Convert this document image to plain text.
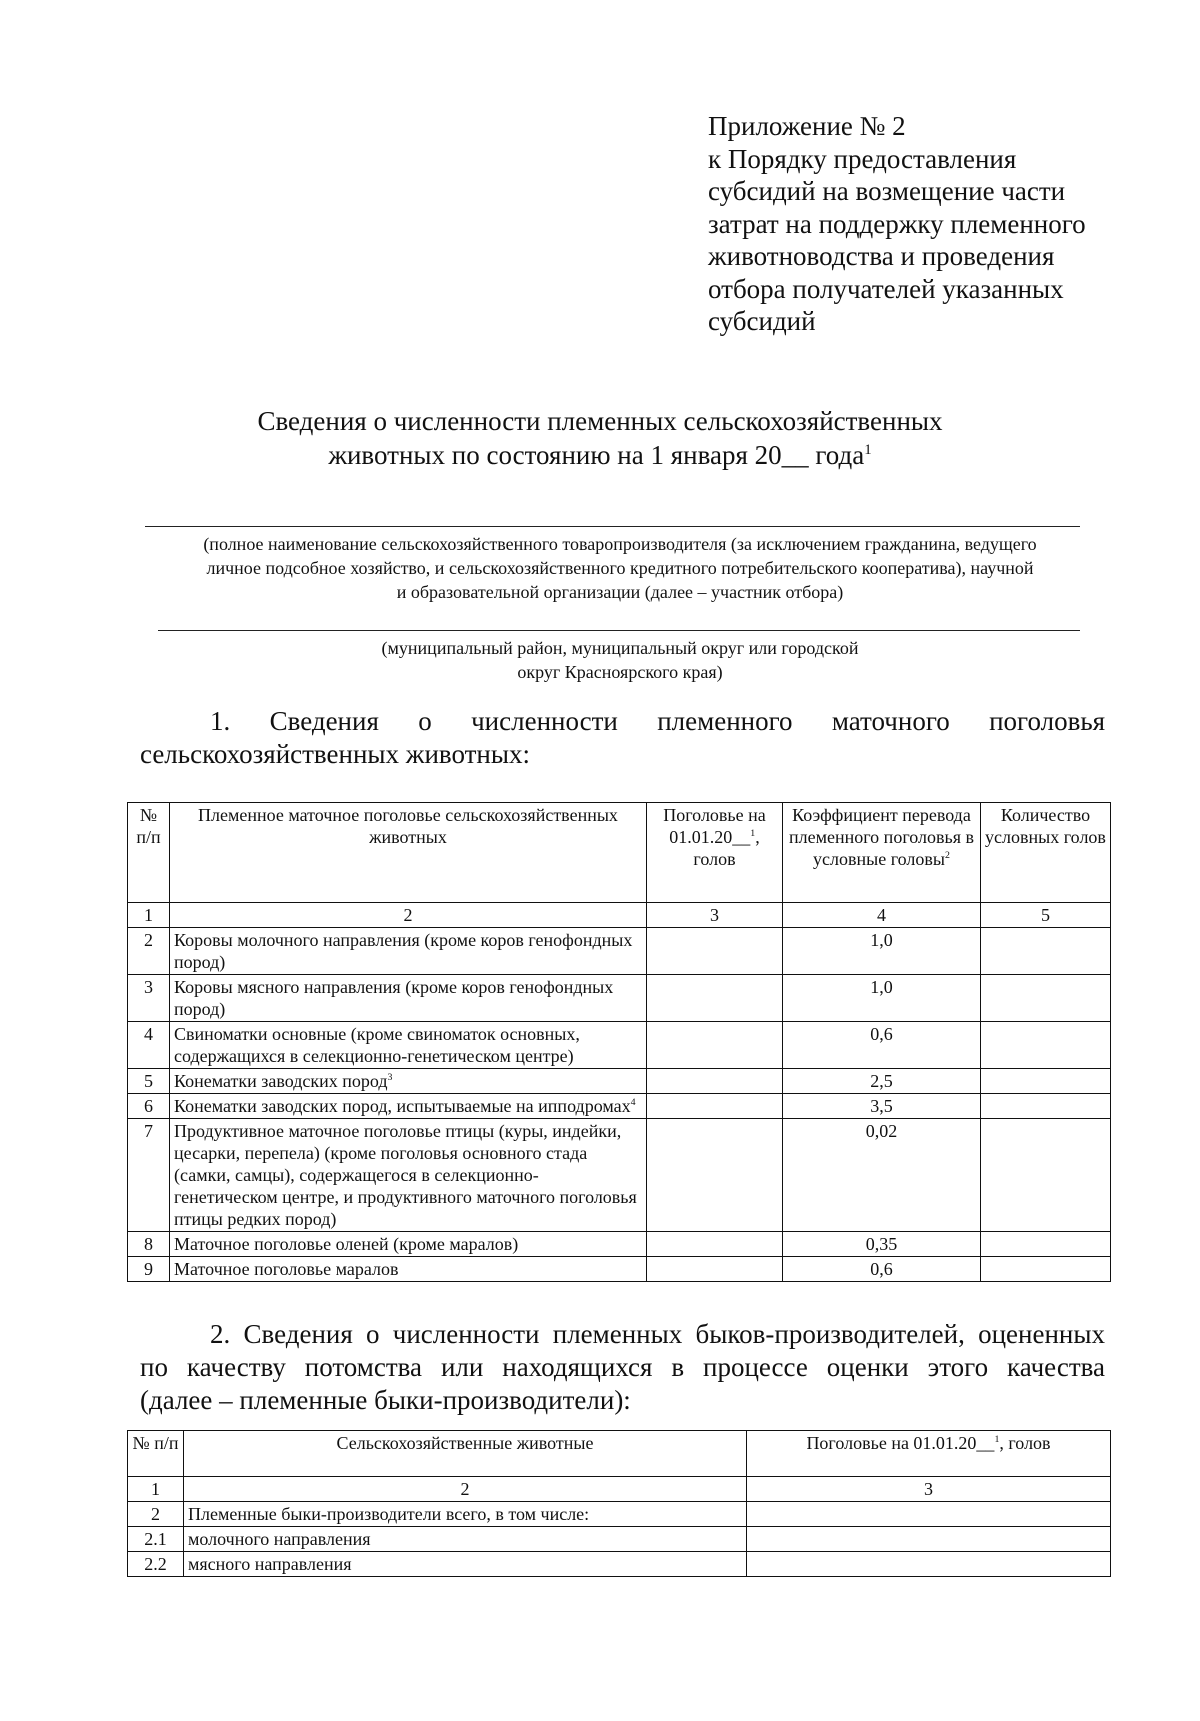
Приложение № 2
к Порядку предоставления
субсидий на возмещение части
затрат на поддержку племенного
животноводства и проведения
отбора получателей указанных
субсидий
Сведения о численности племенных сельскохозяйственных
животных по состоянию на 1 января 20__ года$^1$
(полное наименование сельскохозяйственного товаропроизводителя (за исключением гражданина, ведущего
личное подсобное хозяйство, и сельскохозяйственного кредитного потребительского кооператива), научной
и образовательной организации (далее – участник отбора)
(муниципальный район, муниципальный округ или городской
округ Красноярского края)
1. Сведения о численности племенного маточного поголовья
сельскохозяйственных животных:
№ п/п	Племенное маточное поголовье сельскохозяйственных животных	Поголовье на 01.01.20__$^1$, голов	Коэффициент перевода племенного поголовья в условные головы$^2$	Количество условных голов
1	2	3	4	5
2	Коровы молочного направления (кроме коров генофондных пород)		1,0	
3	Коровы мясного направления (кроме коров генофондных пород)		1,0	
4	Свиноматки основные (кроме свиноматок основных, содержащихся в селекционно-генетическом центре)		0,6	
5	Конематки заводских пород$^3$		2,5	
6	Конематки заводских пород, испытываемые на ипподромах$^4$		3,5	
7	Продуктивное маточное поголовье птицы (куры, индейки, цесарки, перепела) (кроме поголовья основного стада (самки, самцы), содержащегося в селекционно-генетическом центре, и продуктивного маточного поголовья птицы редких пород)		0,02	
8	Маточное поголовье оленей (кроме маралов)		0,35	
9	Маточное поголовье маралов		0,6	
2. Сведения о численности племенных быков-производителей, оцененных
по качеству потомства или находящихся в процессе оценки этого качества
(далее – племенные быки-производители):
№ п/п	Сельскохозяйственные животные	Поголовье на 01.01.20__$^1$, голов
1	2	3
2	Племенные быки-производители всего, в том числе:	
2.1	молочного направления	
2.2	мясного направления	
